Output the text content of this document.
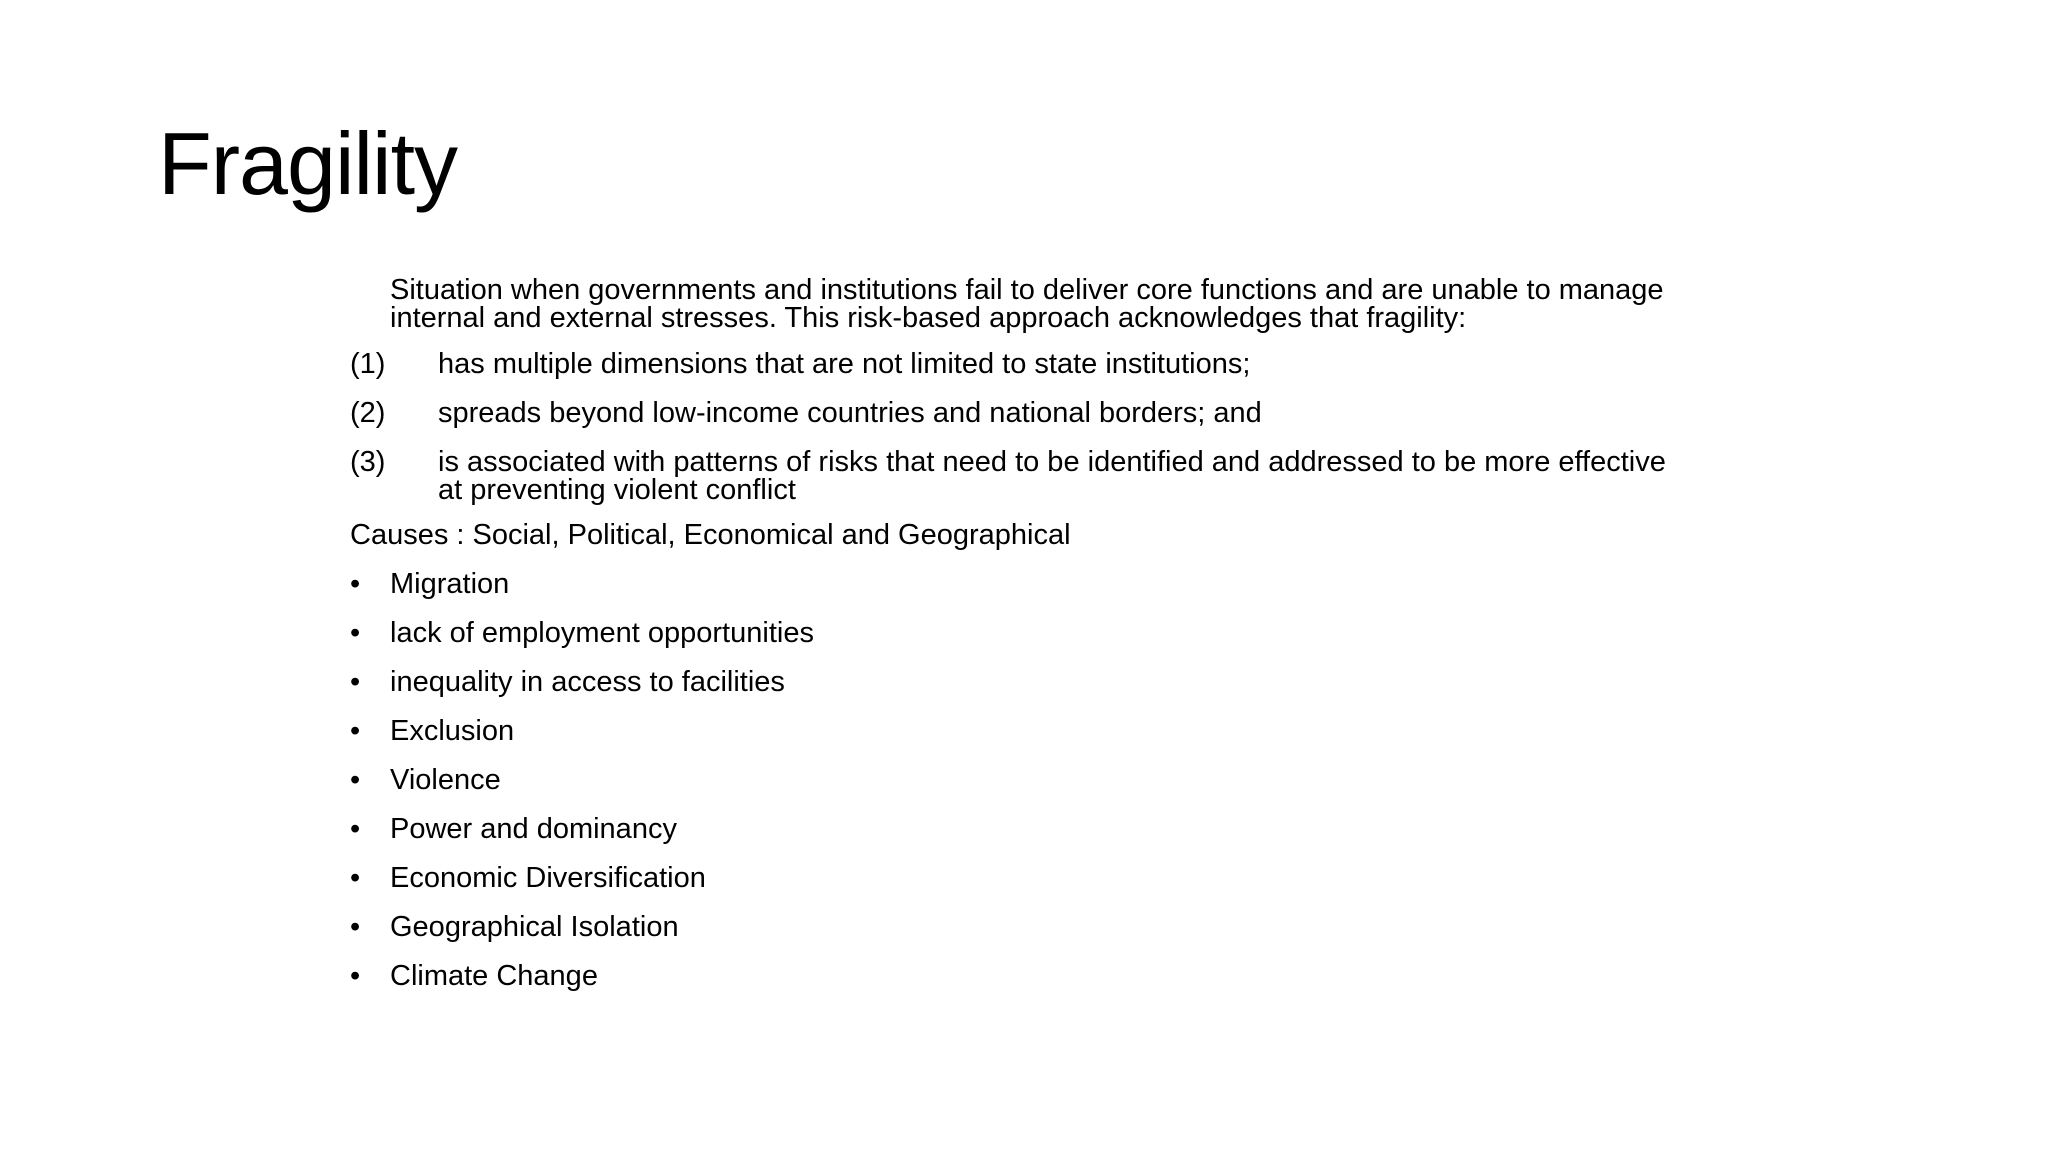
Fragility
Situation when governments and institutions fail to deliver core functions and are unable to manage
internal and external stresses. This risk-based approach acknowledges that fragility:
(1) has multiple dimensions that are not limited to state institutions;
(2) spreads beyond low-income countries and national borders; and
(3) is associated with patterns of risks that need to be identified and addressed to be more effective
at preventing violent conflict
Causes : Social, Political, Economical and Geographical
• Migration
• lack of employment opportunities
• inequality in access to facilities
• Exclusion
• Violence
• Power and dominancy
• Economic Diversification
• Geographical Isolation
• Climate Change
